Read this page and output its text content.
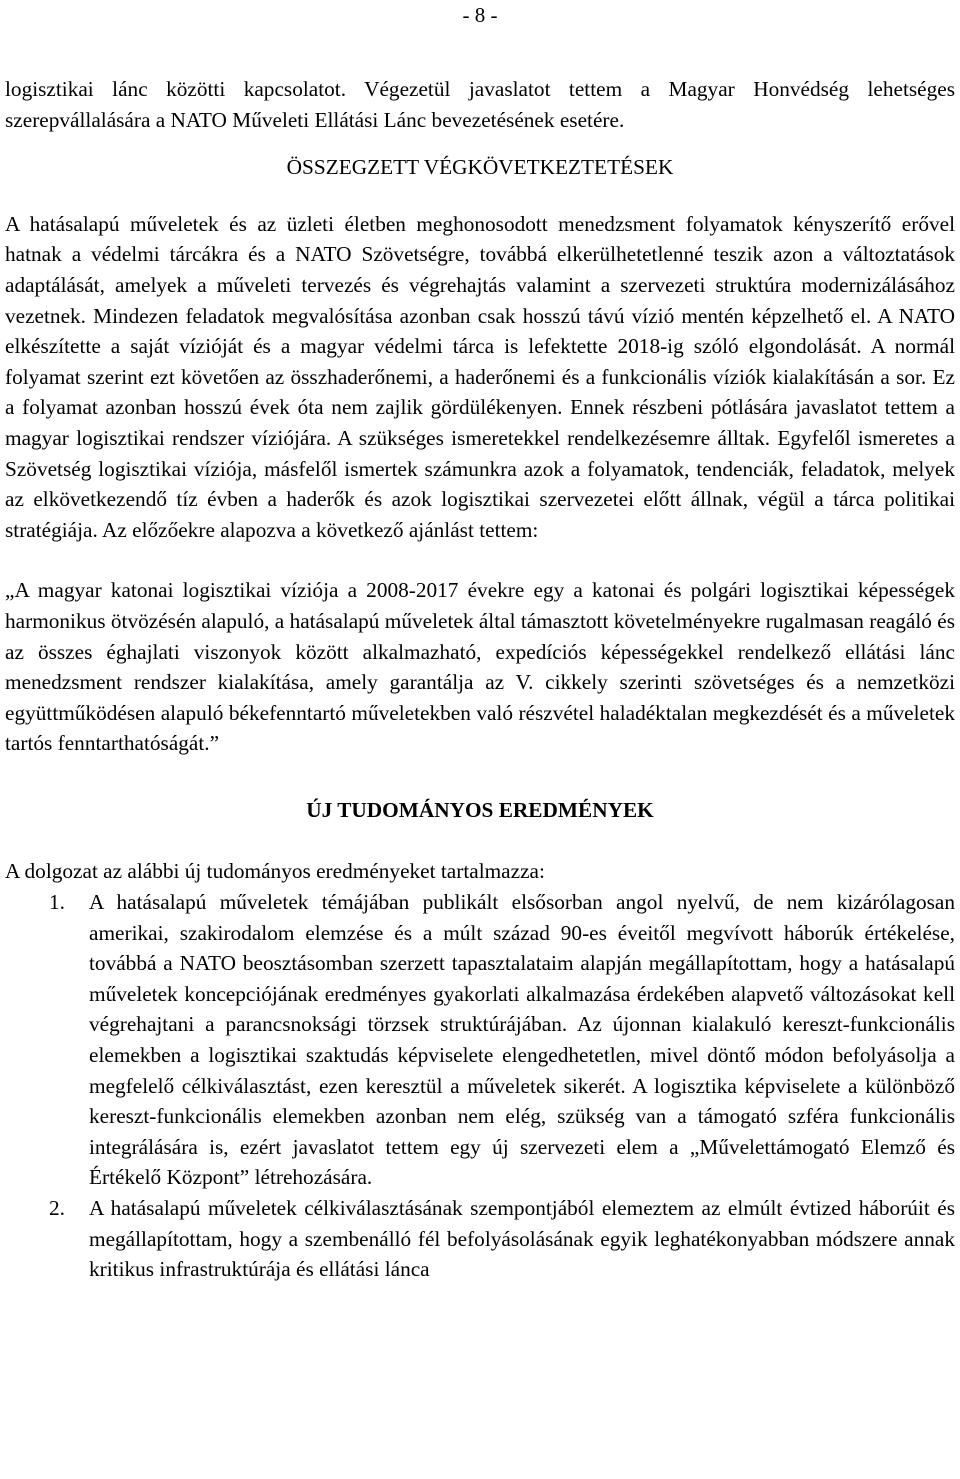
- 8 -

logisztikai lánc közötti kapcsolatot. Végezetül javaslatot tettem a Magyar Honvédség lehetséges szerepvállalására a NATO Műveleti Ellátási Lánc bevezetésének esetére.

ÖSSZEGZETT VÉGKÖVETKEZTETÉSEK

A hatásalapú műveletek és az üzleti életben meghonosodott menedzsment folyamatok kényszerítő erővel hatnak a védelmi tárcákra és a NATO Szövetségre, továbbá elkerülhetetlenné teszik azon a változtatások adaptálását, amelyek a műveleti tervezés és végrehajtás valamint a szervezeti struktúra modernizálásához vezetnek. Mindezen feladatok megvalósítása azonban csak hosszú távú vízió mentén képzelhető el. A NATO elkészítette a saját vízióját és a magyar védelmi tárca is lefektette 2018-ig szóló elgondolását. A normál folyamat szerint ezt követően az összhaderőnemi, a haderőnemi és a funkcionális víziók kialakításán a sor. Ez a folyamat azonban hosszú évek óta nem zajlik gördülékenyen. Ennek részbeni pótlására javaslatot tettem a magyar logisztikai rendszer víziójára. A szükséges ismeretekkel rendelkezésemre álltak. Egyfelől ismeretes a Szövetség logisztikai víziója, másfelől ismertek számunkra azok a folyamatok, tendenciák, feladatok, melyek az elkövetkezendő tíz évben a haderők és azok logisztikai szervezetei előtt állnak, végül a tárca politikai stratégiája. Az előzőekre alapozva a következő ajánlást tettem:

„A magyar katonai logisztikai víziója a 2008-2017 évekre egy a katonai és polgári logisztikai képességek harmonikus ötvözésén alapuló, a hatásalapú műveletek által támasztott követelményekre rugalmasan reagáló és az összes éghajlati viszonyok között alkalmazható, expedíciós képességekkel rendelkező ellátási lánc menedzsment rendszer kialakítása, amely garantálja az V. cikkely szerinti szövetséges és a nemzetközi együttműködésen alapuló békefenntartó műveletekben való részvétel haladéktalan megkezdését és a műveletek tartós fenntarthatóságát.”

ÚJ TUDOMÁNYOS EREDMÉNYEK

A dolgozat az alábbi új tudományos eredményeket tartalmazza:

1. A hatásalapú műveletek témájában publikált elsősorban angol nyelvű, de nem kizárólagosan amerikai, szakirodalom elemzése és a múlt század 90-es éveitől megvívott háborúk értékelése, továbbá a NATO beosztásomban szerzett tapasztalataim alapján megállapítottam, hogy a hatásalapú műveletek koncepciójának eredményes gyakorlati alkalmazása érdekében alapvető változásokat kell végrehajtani a parancsnoksági törzsek struktúrájában. Az újonnan kialakuló kereszt-funkcionális elemekben a logisztikai szaktudás képviselete elengedhetetlen, mivel döntő módon befolyásolja a megfelelő célkiválasztást, ezen keresztül a műveletek sikerét. A logisztika képviselete a különböző kereszt-funkcionális elemekben azonban nem elég, szükség van a támogató szféra funkcionális integrálására is, ezért javaslatot tettem egy új szervezeti elem a „Művelettámogató Elemző és Értékelő Központ” létrehozására.
2. A hatásalapú műveletek célkiválasztásának szempontjából elemeztem az elmúlt évtized háborúit és megállapítottam, hogy a szembenálló fél befolyásolásának egyik leghatékonyabban módszere annak kritikus infrastruktúrája és ellátási lánca
